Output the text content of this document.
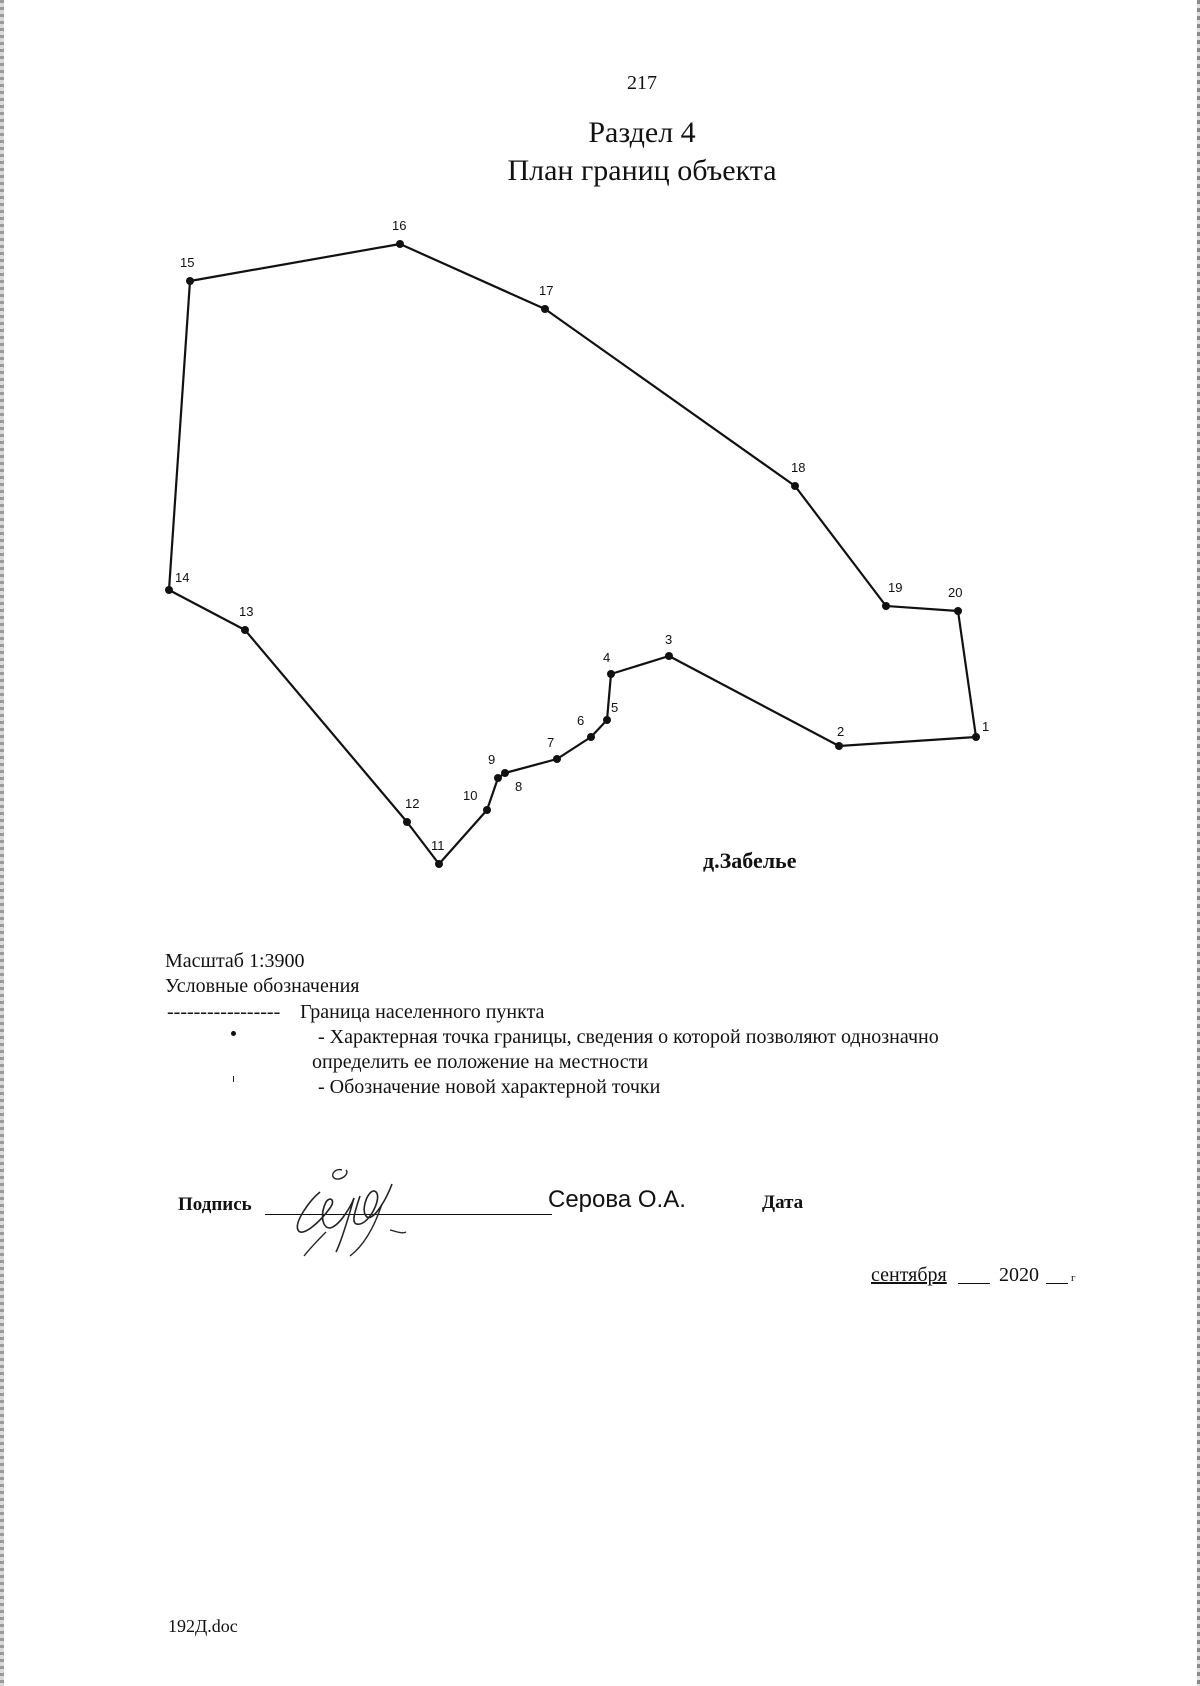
217
Раздел 4
План границ объекта
1
2
3
4
5
6
7
8
9
10
11
12
13
14
15
16
17
18
19	20
д.Забелье
Масштаб 1:3900
Условные обозначения
----------------- Граница населенного пункта
- Характерная точка границы, сведения о которой позволяют однозначно
определить ее положение на местности
- Обозначение новой характерной точки
Подпись	Серова О.А.	Дата
сентября	2020	г
192Д.doc
